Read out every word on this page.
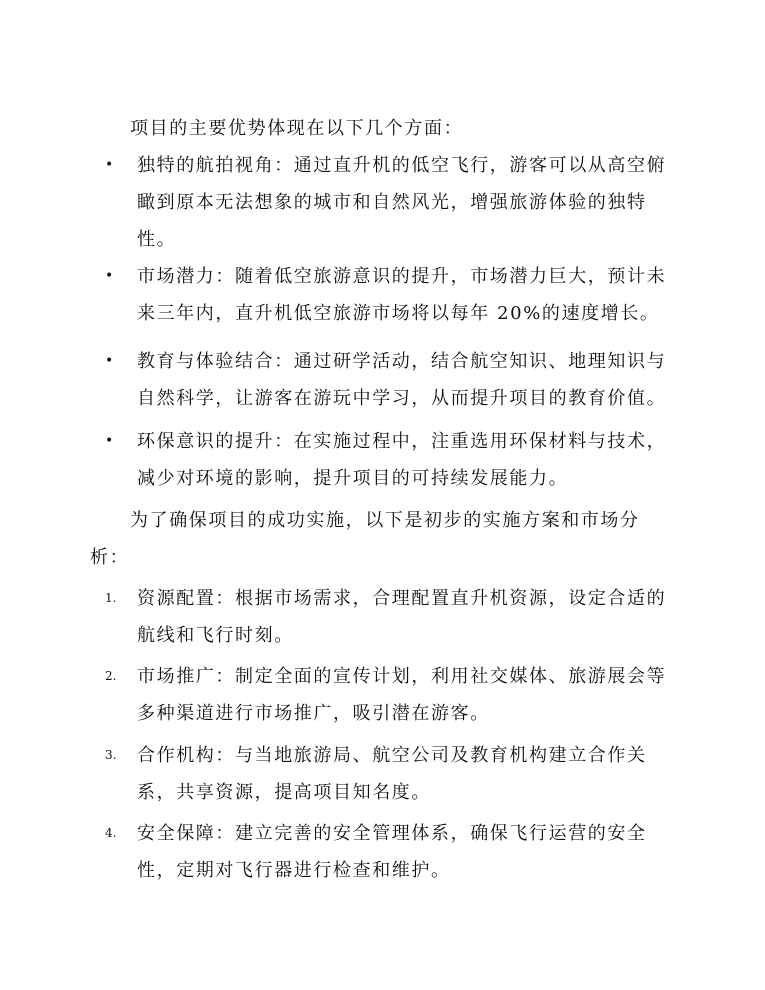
项目的主要优势体现在以下几个方面：

•	独特的航拍视角：通过直升机的低空飞行，游客可以从高空俯瞰到原本无法想象的城市和自然风光，增强旅游体验的独特性。
•	市场潜力：随着低空旅游意识的提升，市场潜力巨大，预计未来三年内，直升机低空旅游市场将以每年 20%的速度增长。
•	教育与体验结合：通过研学活动，结合航空知识、地理知识与自然科学，让游客在游玩中学习，从而提升项目的教育价值。
•	环保意识的提升：在实施过程中，注重选用环保材料与技术，减少对环境的影响，提升项目的可持续发展能力。

为了确保项目的成功实施，以下是初步的实施方案和市场分析：

1.	资源配置：根据市场需求，合理配置直升机资源，设定合适的航线和飞行时刻。
2.	市场推广：制定全面的宣传计划，利用社交媒体、旅游展会等多种渠道进行市场推广，吸引潜在游客。
3.	合作机构：与当地旅游局、航空公司及教育机构建立合作关系，共享资源，提高项目知名度。
4.	安全保障：建立完善的安全管理体系，确保飞行运营的安全性，定期对飞行器进行检查和维护。
